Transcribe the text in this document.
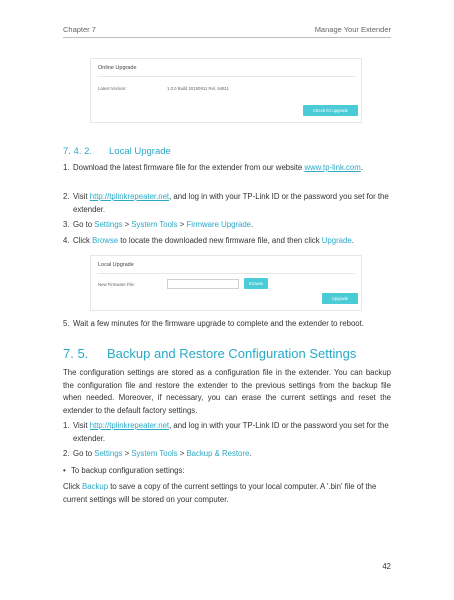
Chapter 7	Manage Your Extender
Online Upgrade
Latest Version:	1.0.0 Build 20190911 Rel. 64811
Check for upgrade
7. 4. 2. Local Upgrade
1. Download the latest firmware file for the extender from our website www.tp-link.com.
2. Visit http://tplinkrepeater.net, and log in with your TP-Link ID or the password you set for the extender.
3. Go to Settings > System Tools > Firmware Upgrade.
4. Click Browse to locate the downloaded new firmware file, and then click Upgrade.
Local Upgrade
New Firmware File:	Browse
Upgrade
5. Wait a few minutes for the firmware upgrade to complete and the extender to reboot.
7. 5. Backup and Restore Configuration Settings
The configuration settings are stored as a configuration file in the extender. You can backup the configuration file and restore the extender to the previous settings from the backup file when needed. Moreover, if necessary, you can erase the current settings and reset the extender to the default factory settings.
1. Visit http://tplinkrepeater.net, and log in with your TP-Link ID or the password you set for the extender.
2. Go to Settings > System Tools > Backup & Restore.
• To backup configuration settings:
Click Backup to save a copy of the current settings to your local computer. A '.bin' file of the current settings will be stored on your computer.
42
